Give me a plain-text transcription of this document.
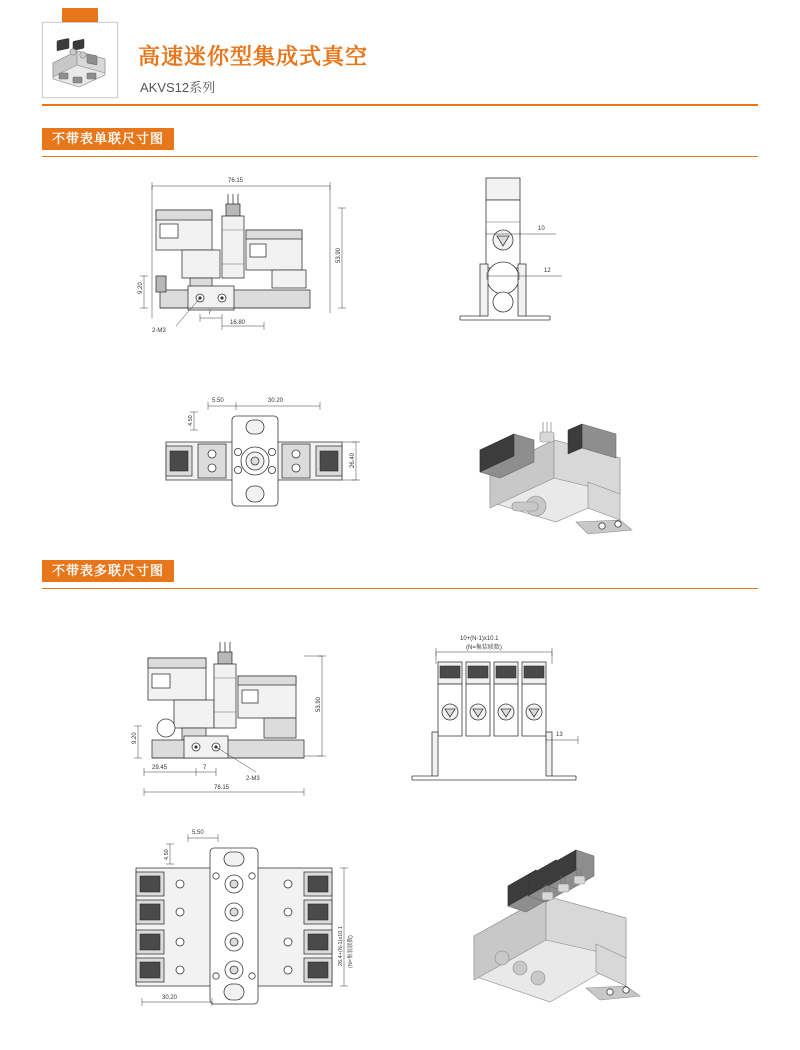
高速迷你型集成式真空
AKVS12系列
不带表单联尺寸图
76.15
53.90
9.20
2-M3
7
16.80
10
12
5.50	30.20
4.50
26.40
不带表多联尺寸图
53.90
9.20
29.45	7
2-M3
76.15
10+(N-1)x10.1
(N=集装联数)
13
4.50
5.50
26.4+(N-1)x10.1 (N=集装联数)
30.20
